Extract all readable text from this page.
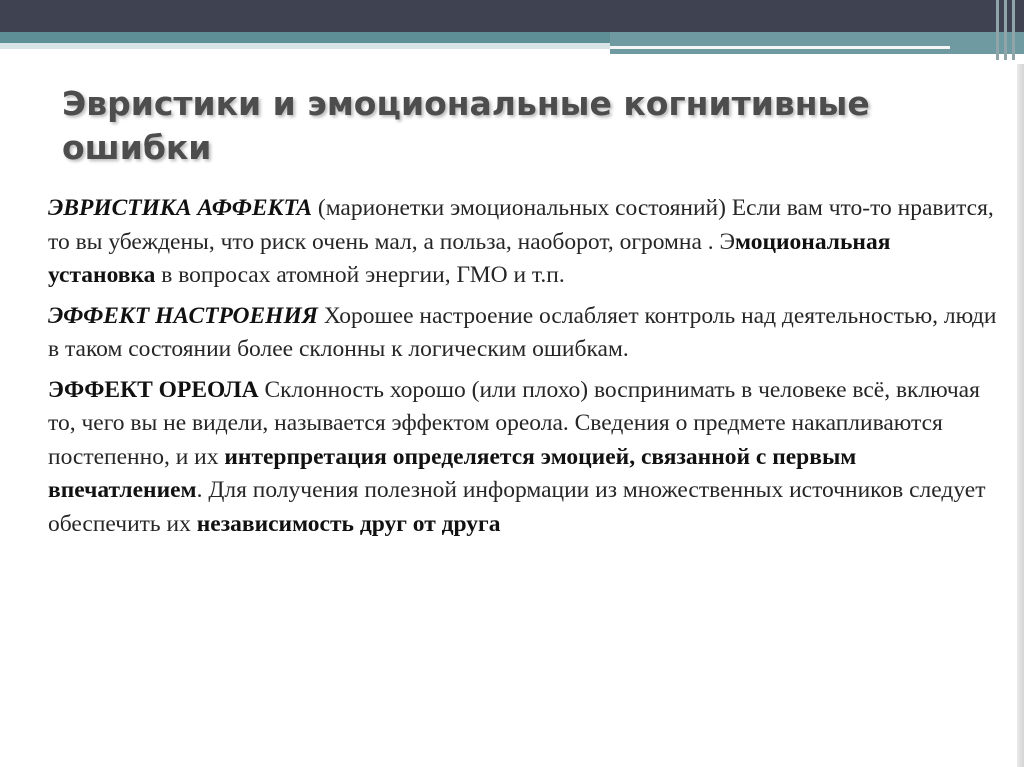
Эвристики и эмоциональные когнитивные ошибки

ЭВРИСТИКА АФФЕКТА (марионетки эмоциональных состояний) Если вам что-то нравится, то вы убеждены, что риск очень мал, а польза, наоборот, огромна . Эмоциональная установка в вопросах атомной энергии, ГМО и т.п.

ЭФФЕКТ НАСТРОЕНИЯ Хорошее настроение ослабляет контроль над деятельностью, люди в таком состоянии более склонны к логическим ошибкам.

ЭФФЕКТ ОРЕОЛА Склонность хорошо (или плохо) воспринимать в человеке всё, включая то, чего вы не видели, называется эффектом ореола. Сведения о предмете накапливаются постепенно, и их интерпретация определяется эмоцией, связанной с первым впечатлением. Для получения полезной информации из множественных источников следует обеспечить их независимость друг от друга
